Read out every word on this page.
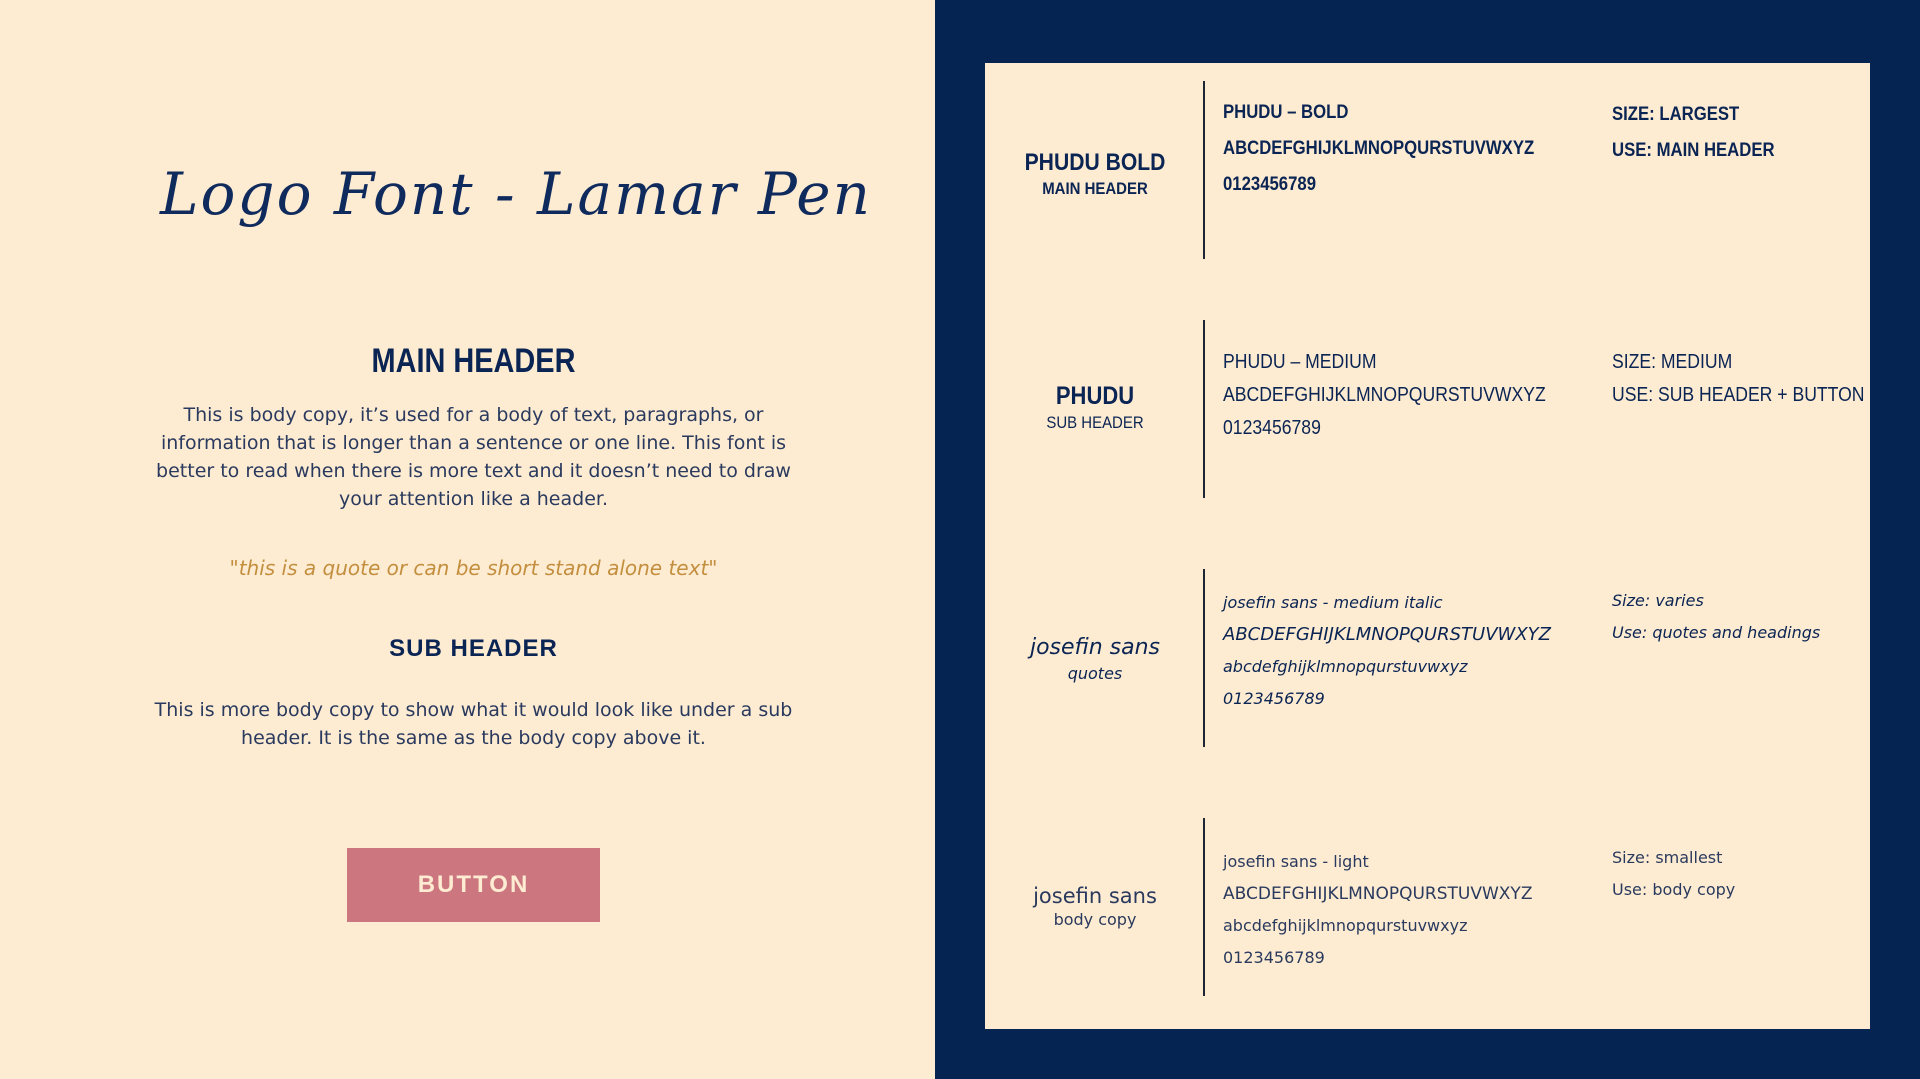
Logo Font - Lamar Pen
MAIN HEADER
This is body copy, it’s used for a body of text, paragraphs, or information that is longer than a sentence or one line. This font is better to read when there is more text and it doesn’t need to draw your attention like a header.
"this is a quote or can be short stand alone text"
SUB HEADER
This is more body copy to show what it would look like under a sub header. It is the same as the body copy above it.
BUTTON
PHUDU BOLD
MAIN HEADER
PHUDU – BOLD
ABCDEFGHIJKLMNOPQURSTUVWXYZ
0123456789
SIZE: LARGEST
USE: MAIN HEADER
PHUDU
SUB HEADER
PHUDU – MEDIUM
ABCDEFGHIJKLMNOPQURSTUVWXYZ
0123456789
SIZE: MEDIUM
USE: SUB HEADER + BUTTON
josefin sans
quotes
josefin sans - medium italic
ABCDEFGHIJKLMNOPQURSTUVWXYZ
abcdefghijklmnopqurstuvwxyz
0123456789
Size: varies
Use: quotes and headings
josefin sans
body copy
josefin sans - light
ABCDEFGHIJKLMNOPQURSTUVWXYZ
abcdefghijklmnopqurstuvwxyz
0123456789
Size: smallest
Use: body copy
